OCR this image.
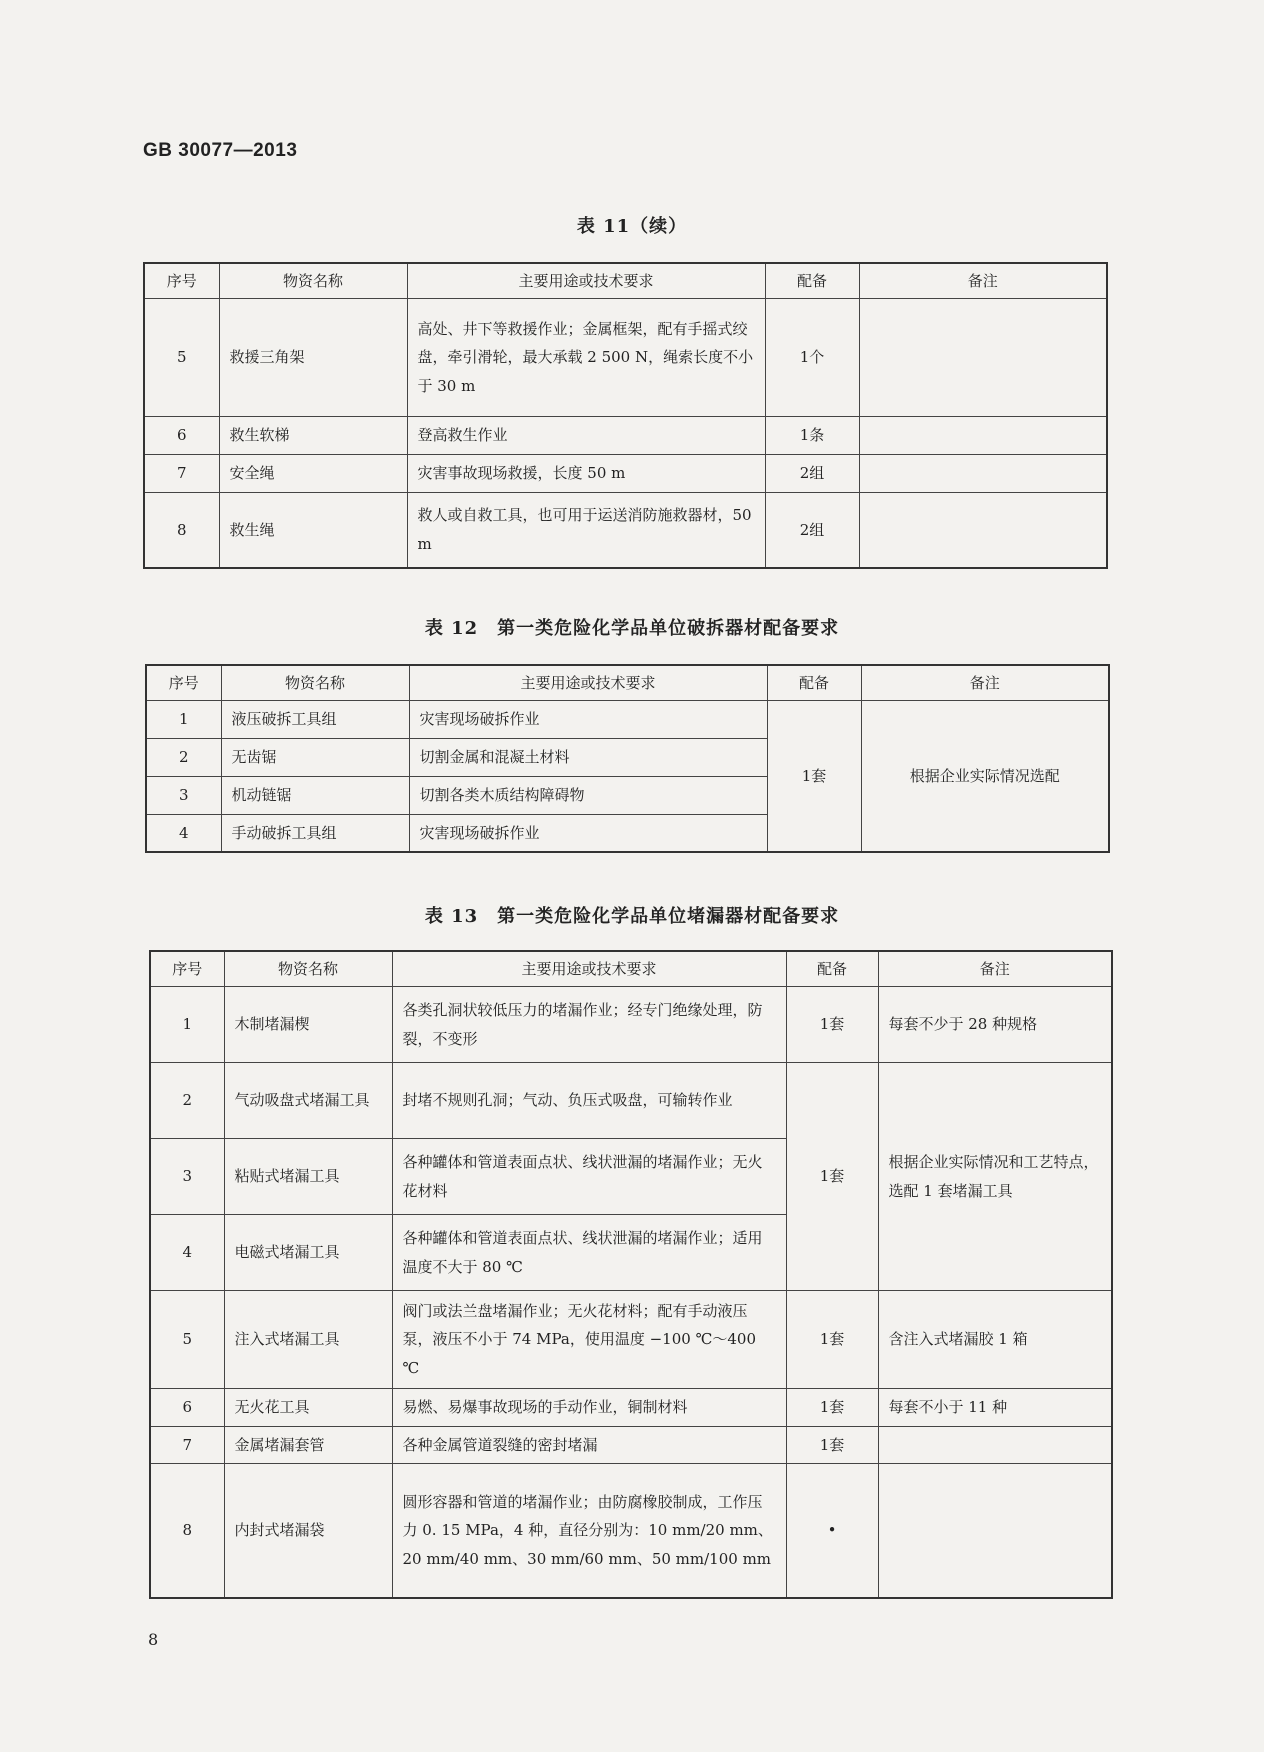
GB 30077—2013
表 11（续）
序号	物资名称	主要用途或技术要求	配备	备注
5	救援三角架	高处、井下等救援作业；金属框架，配有手摇式绞盘，牵引滑轮，最大承载 2 500 N，绳索长度不小于 30 m	1个	
6	救生软梯	登高救生作业	1条	
7	安全绳	灾害事故现场救援，长度 50 m	2组	
8	救生绳	救人或自救工具，也可用于运送消防施救器材，50 m	2组	
表 12　第一类危险化学品单位破拆器材配备要求
序号	物资名称	主要用途或技术要求	配备	备注
1	液压破拆工具组	灾害现场破拆作业	1套	根据企业实际情况选配
2	无齿锯	切割金属和混凝土材料		
3	机动链锯	切割各类木质结构障碍物		
4	手动破拆工具组	灾害现场破拆作业		
表 13　第一类危险化学品单位堵漏器材配备要求
序号	物资名称	主要用途或技术要求	配备	备注
1	木制堵漏楔	各类孔洞状较低压力的堵漏作业；经专门绝缘处理，防裂，不变形	1套	每套不少于 28 种规格
2	气动吸盘式堵漏工具	封堵不规则孔洞；气动、负压式吸盘，可输转作业	1套	根据企业实际情况和工艺特点，选配 1 套堵漏工具
3	粘贴式堵漏工具	各种罐体和管道表面点状、线状泄漏的堵漏作业；无火花材料		
4	电磁式堵漏工具	各种罐体和管道表面点状、线状泄漏的堵漏作业；适用温度不大于 80 ℃		
5	注入式堵漏工具	阀门或法兰盘堵漏作业；无火花材料；配有手动液压泵，液压不小于 74 MPa，使用温度 −100 ℃～400 ℃	1套	含注入式堵漏胶 1 箱
6	无火花工具	易燃、易爆事故现场的手动作业，铜制材料	1套	每套不小于 11 种
7	金属堵漏套管	各种金属管道裂缝的密封堵漏	1套	
8	内封式堵漏袋	圆形容器和管道的堵漏作业；由防腐橡胶制成，工作压力 0. 15 MPa，4 种，直径分别为：10 mm/20 mm、20 mm/40 mm、30 mm/60 mm、50 mm/100 mm	•	
8
